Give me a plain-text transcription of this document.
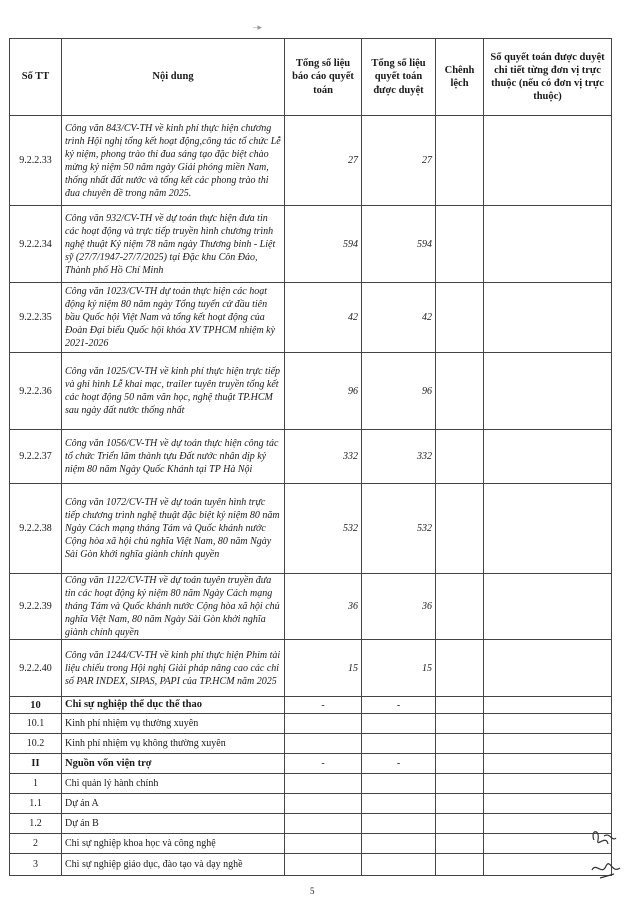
–▸
Số TT	Nội dung	Tổng số liệu báo cáo quyết toán	Tổng số liệu quyết toán được duyệt	Chênh lệch	Số quyết toán được duyệt chi tiết từng đơn vị trực thuộc (nếu có đơn vị trực thuộc)
9.2.2.33	Công văn 843/CV-TH về kinh phí thực hiện chương trình Hội nghị tổng kết hoạt động,công tác tổ chức Lễ kỷ niệm, phong trào thi đua sáng tạo đặc biệt chào mừng kỷ niệm 50 năm ngày Giải phóng miền Nam, thống nhất đất nước và tổng kết các phong trào thi đua chuyên đề trong năm 2025.	27	27		
9.2.2.34	Công văn 932/CV-TH về dự toán thực hiện đưa tin các hoạt động và trực tiếp truyền hình chương trình nghệ thuật Kỷ niệm 78 năm ngày Thương binh - Liệt sỹ (27/7/1947-27/7/2025) tại Đặc khu Côn Đảo, Thành phố Hồ Chí Minh	594	594		
9.2.2.35	Công văn 1023/CV-TH dự toán thực hiện các hoạt động kỷ niệm 80 năm ngày Tổng tuyển cử đầu tiên bầu Quốc hội Việt Nam và tổng kết hoạt động của Đoàn Đại biểu Quốc hội khóa XV TPHCM nhiệm kỳ 2021-2026	42	42		
9.2.2.36	Công văn 1025/CV-TH về kinh phí thực hiện trực tiếp và ghi hình Lễ khai mạc, trailer tuyên truyền tổng kết các hoạt động 50 năm văn học, nghệ thuật TP.HCM sau ngày đất nước thống nhất	96	96		
9.2.2.37	Công văn 1056/CV-TH về dự toán thực hiện công tác tổ chức Triển lãm thành tựu Đất nước nhân dịp kỷ niệm 80 năm Ngày Quốc Khánh tại TP Hà Nội	332	332		
9.2.2.38	Công văn 1072/CV-TH về dự toán tuyên hình trực tiếp chương trình nghệ thuật đặc biệt kỷ niệm 80 năm Ngày Cách mạng tháng Tám và Quốc khánh nước Cộng hòa xã hội chủ nghĩa Việt Nam, 80 năm Ngày Sài Gòn khởi nghĩa giành chính quyền	532	532		
9.2.2.39	Công văn 1122/CV-TH về dự toán tuyên truyền đưa tin các hoạt động kỷ niệm 80 năm Ngày Cách mạng tháng Tám và Quốc khánh nước Cộng hòa xã hội chủ nghĩa Việt Nam, 80 năm Ngày Sài Gòn khởi nghĩa giành chính quyền	36	36		
9.2.2.40	Công văn 1244/CV-TH về kinh phí thực hiện Phim tài liệu chiếu trong Hội nghị Giải pháp nâng cao các chỉ số PAR INDEX, SIPAS, PAPI của TP.HCM năm 2025	15	15		
10	Chi sự nghiệp thể dục thể thao	-	-		
10.1	Kinh phí nhiệm vụ thường xuyên				
10.2	Kinh phí nhiệm vụ không thường xuyên				
II	Nguồn vốn viện trợ	-	-		
1	Chi quản lý hành chính				
1.1	Dự án A				
1.2	Dự án B				
2	Chi sự nghiệp khoa học và công nghệ				
3	Chi sự nghiệp giáo dục, đào tạo và dạy nghề				
5
